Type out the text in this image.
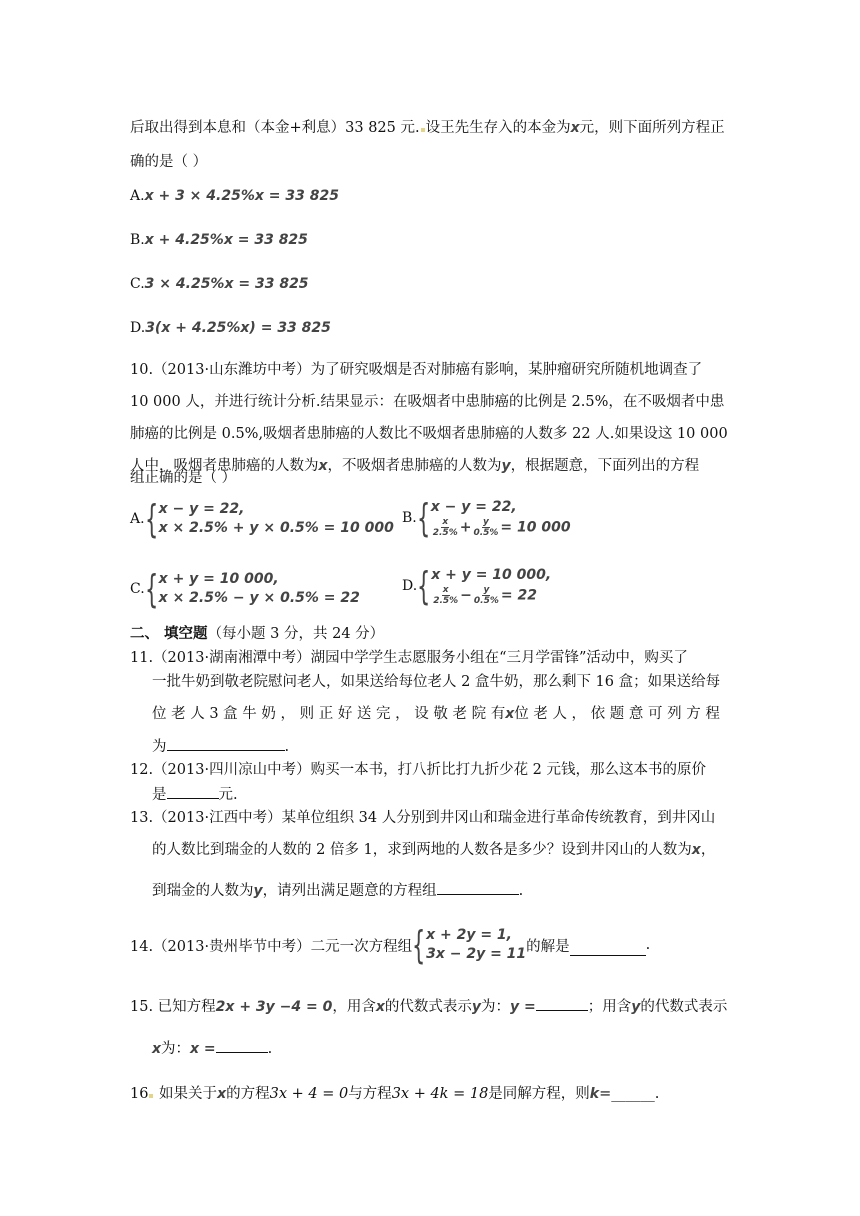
后取出得到本息和（本金+利息）33 825 元. 设王先生存入的本金为x元，则下面所列方程正
确的是（ ）
A.x + 3 × 4.25%x = 33 825
B.x + 4.25%x = 33 825
C.3 × 4.25%x = 33 825
D.3(x + 4.25%x) = 33 825
10.（2013·山东潍坊中考）为了研究吸烟是否对肺癌有影响，某肿瘤研究所随机地调查了
10 000 人，并进行统计分析.结果显示：在吸烟者中患肺癌的比例是 2.5%，在不吸烟者中患
肺癌的比例是 0.5%,吸烟者患肺癌的人数比不吸烟者患肺癌的人数多 22 人.如果设这 10 000
人中，吸烟者患肺癌的人数为x，不吸烟者患肺癌的人数为y，根据题意，下面列出的方程
组正确的是（ ）
A. { x − y = 22,
x × 2.5% + y × 0.5% = 10 000
B. { x − y = 22,
$\frac{x}{2.5\%} + \frac{y}{0.5\%} = 10$ 000
C. { x + y = 10 000,
x × 2.5% − y × 0.5% = 22
D. { x + y = 10 000,
$\frac{x}{2.5\%} - \frac{y}{0.5\%} = 22$
二、 填空题（每小题 3 分，共 24 分）
11.（2013·湖南湘潭中考）湖园中学学生志愿服务小组在“三月学雷锋”活动中，购买了
一批牛奶到敬老院慰问老人，如果送给每位老人 2 盒牛奶，那么剩下 16 盒；如果送给每
位 老 人 3 盒 牛 奶 ， 则 正 好 送 完 ， 设 敬 老 院 有x位 老 人 ， 依 题 意 可 列 方 程
为	.
12.（2013·四川凉山中考）购买一本书，打八折比打九折少花 2 元钱，那么这本书的原价
是	元.
13.（2013·江西中考）某单位组织 34 人分别到井冈山和瑞金进行革命传统教育，到井冈山
的人数比到瑞金的人数的 2 倍多 1，求到两地的人数各是多少？设到井冈山的人数为x，
到瑞金的人数为y，请列出满足题意的方程组	.
14.（2013·贵州毕节中考）二元一次方程组 { x + 2y = 1,
3x − 2y = 11 的解是	.
15. 已知方程2x + 3y −4 = 0，用含x的代数式表示y为：y =	；用含y的代数式表示
x为：x =	.
16 如果关于x的方程3x + 4 = 0与方程3x + 4k = 18是同解方程，则k=______.
